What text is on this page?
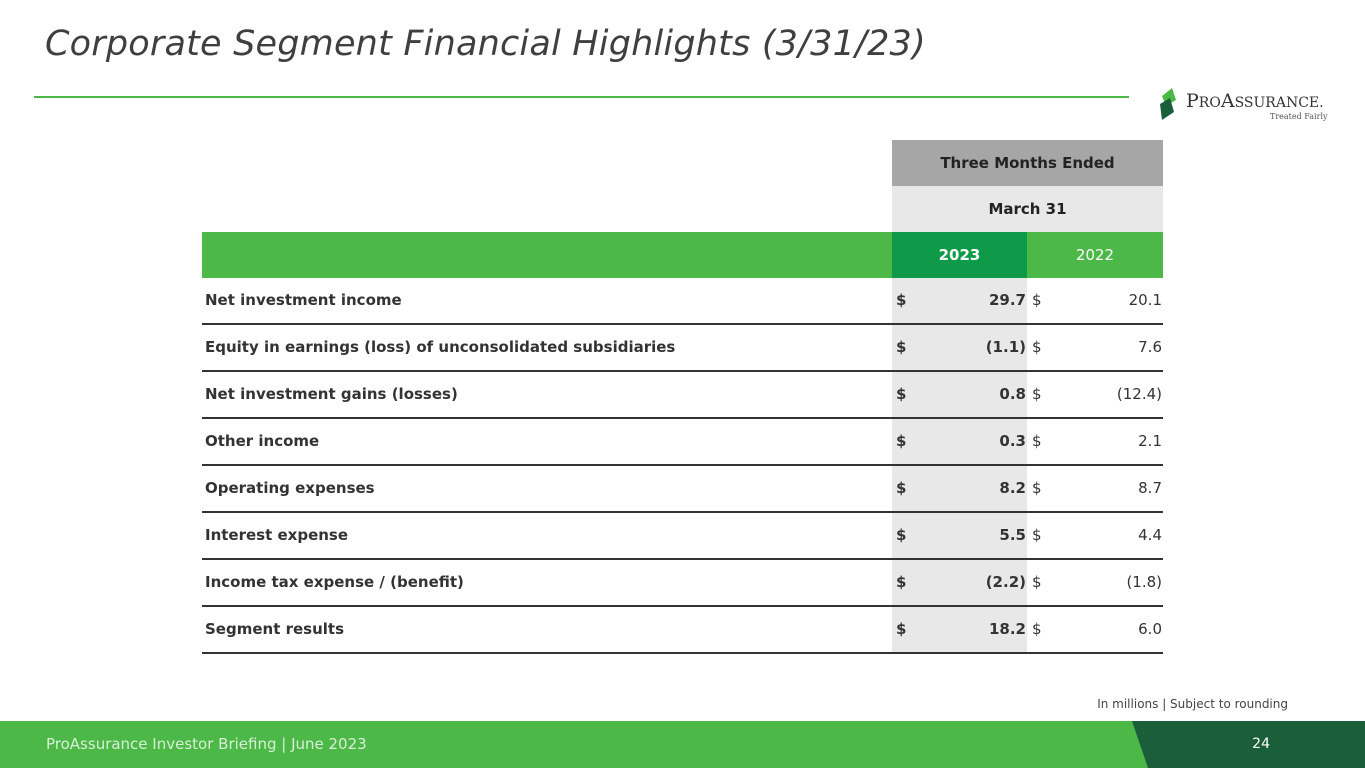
Corporate Segment Financial Highlights (3/31/23)
PROASSURANCE.
Treated Fairly
Three Months Ended
March 31
2023	2022
Net investment income	$	29.7 $	20.1
Equity in earnings (loss) of unconsolidated subsidiaries	$	(1.1) $	7.6
Net investment gains (losses)	$	0.8 $	(12.4)
Other income	$	0.3 $	2.1
Operating expenses	$	8.2 $	8.7
Interest expense	$	5.5 $	4.4
Income tax expense / (benefit)	$	(2.2) $	(1.8)
Segment results	$	18.2 $	6.0
In millions | Subject to rounding
ProAssurance Investor Briefing | June 2023	24
